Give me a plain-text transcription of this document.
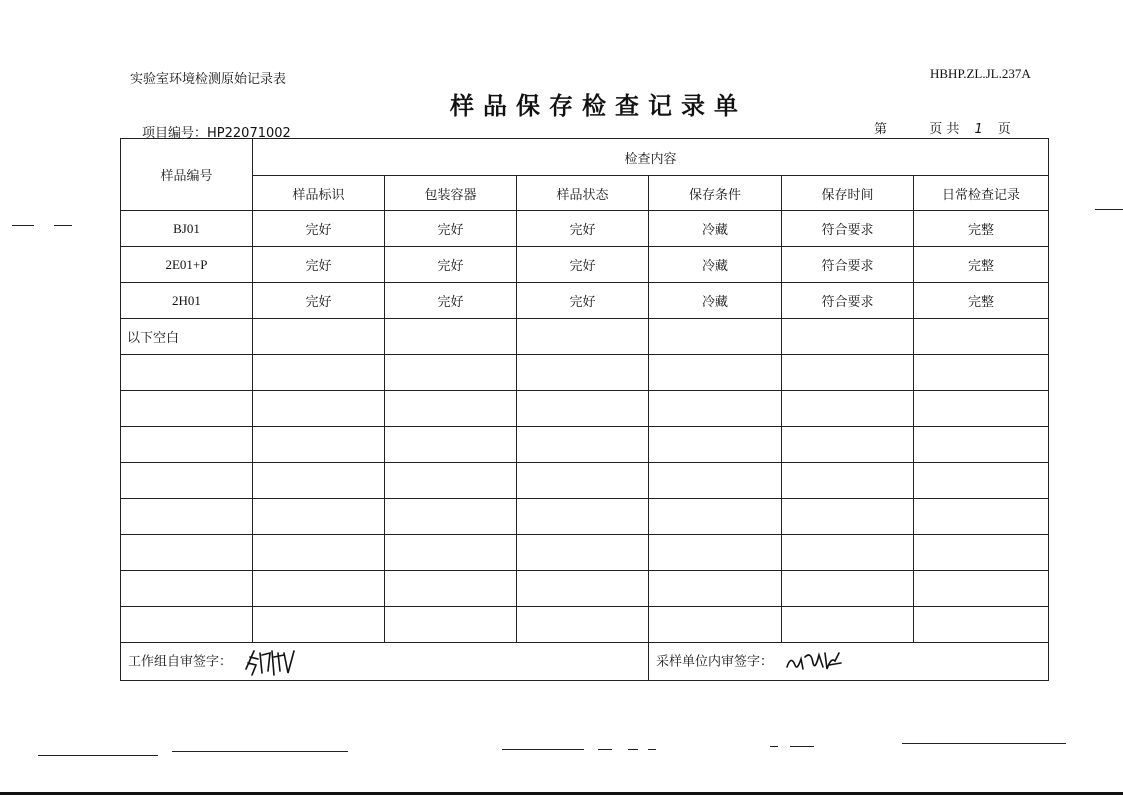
实验室环境检测原始记录表	HBHP.ZL.JL.237A
样品保存检查记录单
项目编号：HP22071002	第	页 共 1 页
样品编号	检查内容					
	样品标识	包装容器	样品状态	保存条件	保存时间	日常检查记录
BJ01	完好	完好	完好	冷藏	符合要求	完整
2E01+P	完好	完好	完好	冷藏	符合要求	完整
2H01	完好	完好	完好	冷藏	符合要求	完整
以下空白						

工作组自审签字：				采样单位内审签字：		
